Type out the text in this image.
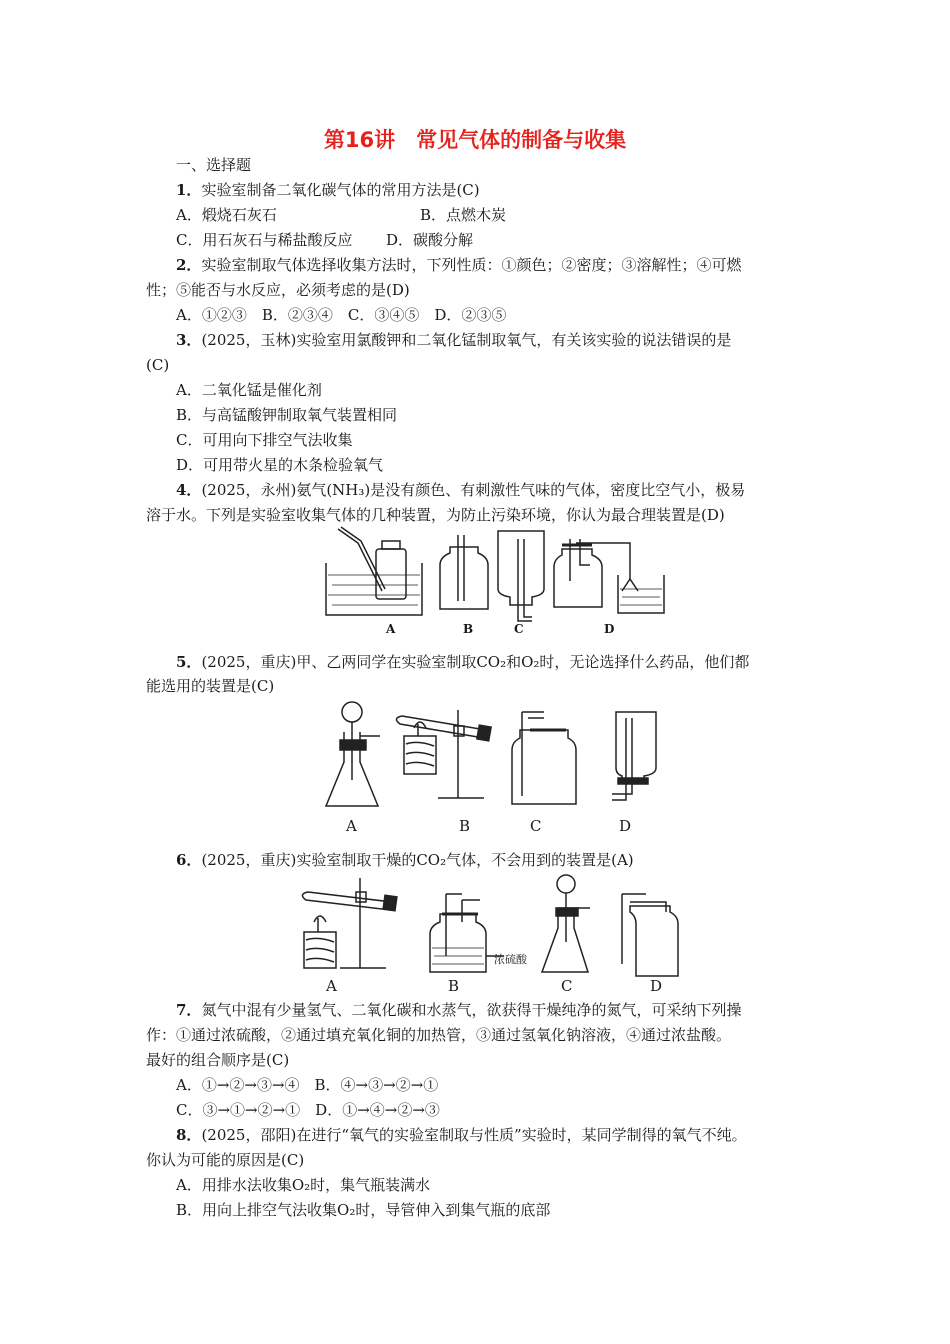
第16讲　常见气体的制备与收集
一、选择题
1．实验室制备二氧化碳气体的常用方法是(C)
A．煅烧石灰石	B．点燃木炭
C．用石灰石与稀盐酸反应 D．碳酸分解
2．实验室制取气体选择收集方法时，下列性质：①颜色；②密度；③溶解性；④可燃
性；⑤能否与水反应，必须考虑的是(D)
A．①②③　B．②③④　C．③④⑤　D．②③⑤
3．(2025，玉林)实验室用氯酸钾和二氧化锰制取氧气，有关该实验的说法错误的是
(C)
A．二氧化锰是催化剂
B．与高锰酸钾制取氧气装置相同
C．可用向下排空气法收集
D．可用带火星的木条检验氧气
4．(2025，永州)氨气(NH₃)是没有颜色、有刺激性气味的气体，密度比空气小，极易
溶于水。下列是实验室收集气体的几种装置，为防止污染环境，你认为最合理装置是(D)
A	B	C	D
5．(2025，重庆)甲、乙两同学在实验室制取CO₂和O₂时，无论选择什么药品，他们都
能选用的装置是(C)
A	B	C	D
6．(2025，重庆)实验室制取干燥的CO₂气体，不会用到的装置是(A)
浓硫酸
A	B	C	D
7．氮气中混有少量氢气、二氧化碳和水蒸气，欲获得干燥纯净的氮气，可采纳下列操
作：①通过浓硫酸，②通过填充氧化铜的加热管，③通过氢氧化钠溶液，④通过浓盐酸。
最好的组合顺序是(C)
A．①→②→③→④　B．④→③→②→①
C．③→①→②→①　D．①→④→②→③
8．(2025，邵阳)在进行“氧气的实验室制取与性质”实验时，某同学制得的氧气不纯。
你认为可能的原因是(C)
A．用排水法收集O₂时，集气瓶装满水
B．用向上排空气法收集O₂时，导管伸入到集气瓶的底部
